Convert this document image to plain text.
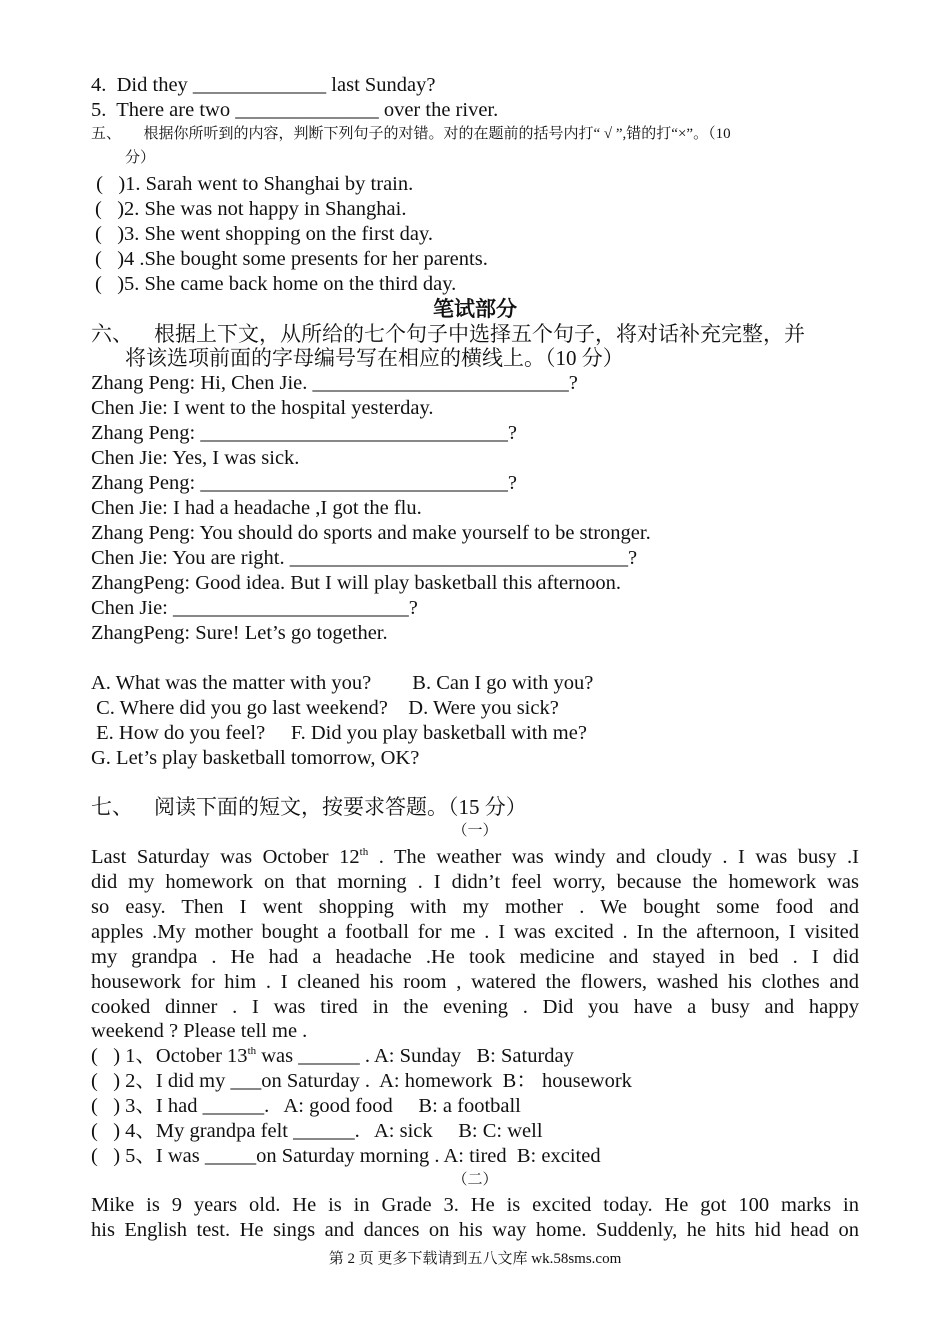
4.  Did they _____________ last Sunday?
5.  There are two ______________ over the river.
五、      根据你所听到的内容，判断下列句子的对错。对的在题前的括号内打“ √ ”,错的打“×”。（10
分）
(   )1. Sarah went to Shanghai by train.
(   )2. She was not happy in Shanghai.
(   )3. She went shopping on the first day.
(   )4 .She bought some presents for her parents.
(   )5. She came back home on the third day.
笔试部分
六、    根据上下文，从所给的七个句子中选择五个句子，将对话补充完整，并
将该选项前面的字母编号写在相应的横线上。（10 分）
Zhang Peng: Hi, Chen Jie. _________________________?
Chen Jie: I went to the hospital yesterday.
Zhang Peng: ______________________________?
Chen Jie: Yes, I was sick.
Zhang Peng: ______________________________?
Chen Jie: I had a headache ,I got the flu.
Zhang Peng: You should do sports and make yourself to be stronger.
Chen Jie: You are right. _________________________________?
ZhangPeng: Good idea. But I will play basketball this afternoon.
Chen Jie: _______________________?
ZhangPeng: Sure! Let’s go together.
A. What was the matter with you?        B. Can I go with you?
C. Where did you go last weekend?    D. Were you sick?
E. How do you feel?     F. Did you play basketball with me?
G. Let’s play basketball tomorrow, OK?
七、    阅读下面的短文，按要求答题。（15 分）
（一）
Last Saturday was October 12th . The weather was windy and cloudy . I was busy .I
did my homework on that morning . I didn’t feel worry, because the homework was
so easy. Then I went shopping with my mother . We bought some food and
apples .My mother bought a football for me . I was excited . In the afternoon, I visited
my grandpa . He had a headache .He took medicine and stayed in bed . I did
housework for him . I cleaned his room , watered the flowers, washed his clothes and
cooked dinner . I was tired in the evening . Did you have a busy and happy
weekend ? Please tell me .
(   ) 1、October 13th was ______ . A: Sunday   B: Saturday
(   ) 2、I did my ___on Saturday .  A: homework  B： housework
(   ) 3、I had ______.   A: good food     B: a football
(   ) 4、My grandpa felt ______.   A: sick     B: C: well
(   ) 5、I was _____on Saturday morning . A: tired  B: excited
（二）
Mike is 9 years old. He is in Grade 3. He is excited today. He got 100 marks in
his English test. He sings and dances on his way home. Suddenly, he hits hid head on
第 2 页 更多下载请到五八文库 wk.58sms.com
